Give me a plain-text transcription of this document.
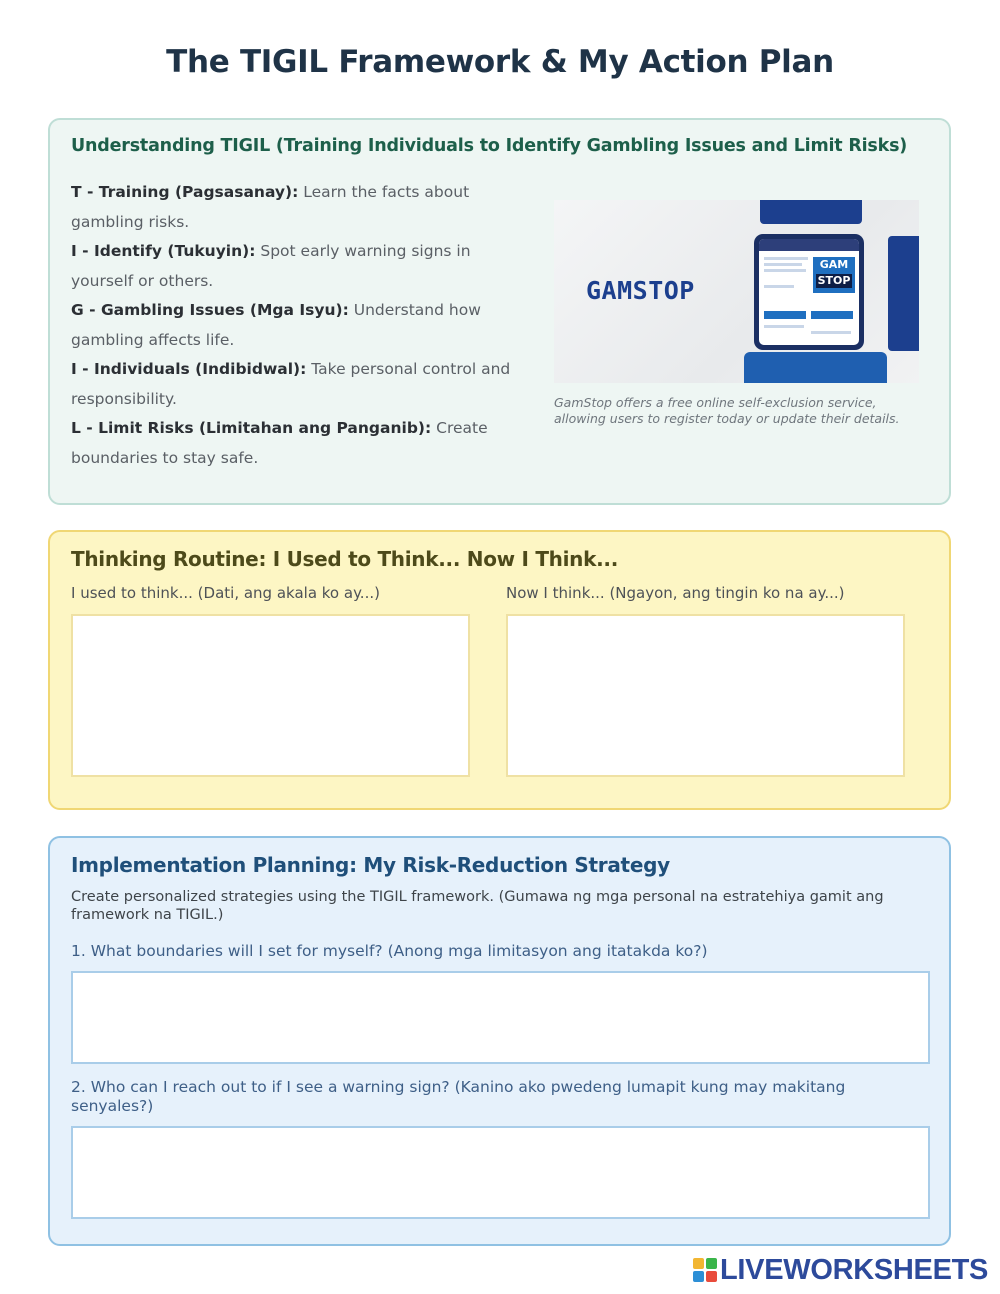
The TIGIL Framework & My Action Plan
Understanding TIGIL (Training Individuals to Identify Gambling Issues and Limit Risks)
T - Training (Pagsasanay): Learn the facts about gambling risks.
I - Identify (Tukuyin): Spot early warning signs in yourself or others.
G - Gambling Issues (Mga Isyu): Understand how gambling affects life.
I - Individuals (Indibidwal): Take personal control and responsibility.
L - Limit Risks (Limitahan ang Panganib): Create boundaries to stay safe.
GAMSTOP
GAM
STOP
GamStop offers a free online self-exclusion service, allowing users to register today or update their details.
Thinking Routine: I Used to Think... Now I Think...
I used to think... (Dati, ang akala ko ay...)	Now I think... (Ngayon, ang tingin ko na ay...)
Implementation Planning: My Risk-Reduction Strategy
Create personalized strategies using the TIGIL framework. (Gumawa ng mga personal na estratehiya gamit ang framework na TIGIL.)
1. What boundaries will I set for myself? (Anong mga limitasyon ang itatakda ko?)
2. Who can I reach out to if I see a warning sign? (Kanino ako pwedeng lumapit kung may makitang senyales?)
LIVEWORKSHEETS
